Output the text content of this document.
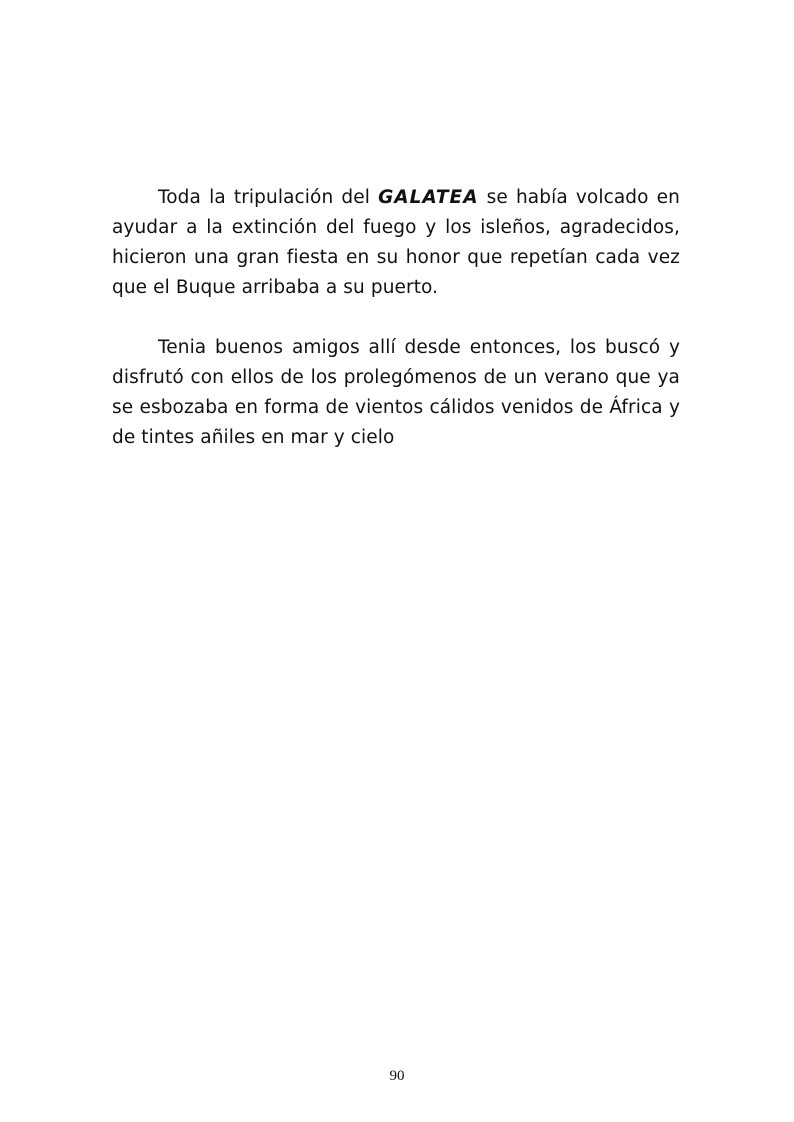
Toda la tripulación del GALATEA se había volcado en ayudar a la extinción del fuego y los isleños, agradecidos, hicieron una gran fiesta en su honor que repetían cada vez que el Buque arribaba a su puerto.

Tenia buenos amigos allí desde entonces, los buscó y disfrutó con ellos de los prolegómenos de un verano que ya se esbozaba en forma de vientos cálidos venidos de África y de tintes añiles en mar y cielo

90
